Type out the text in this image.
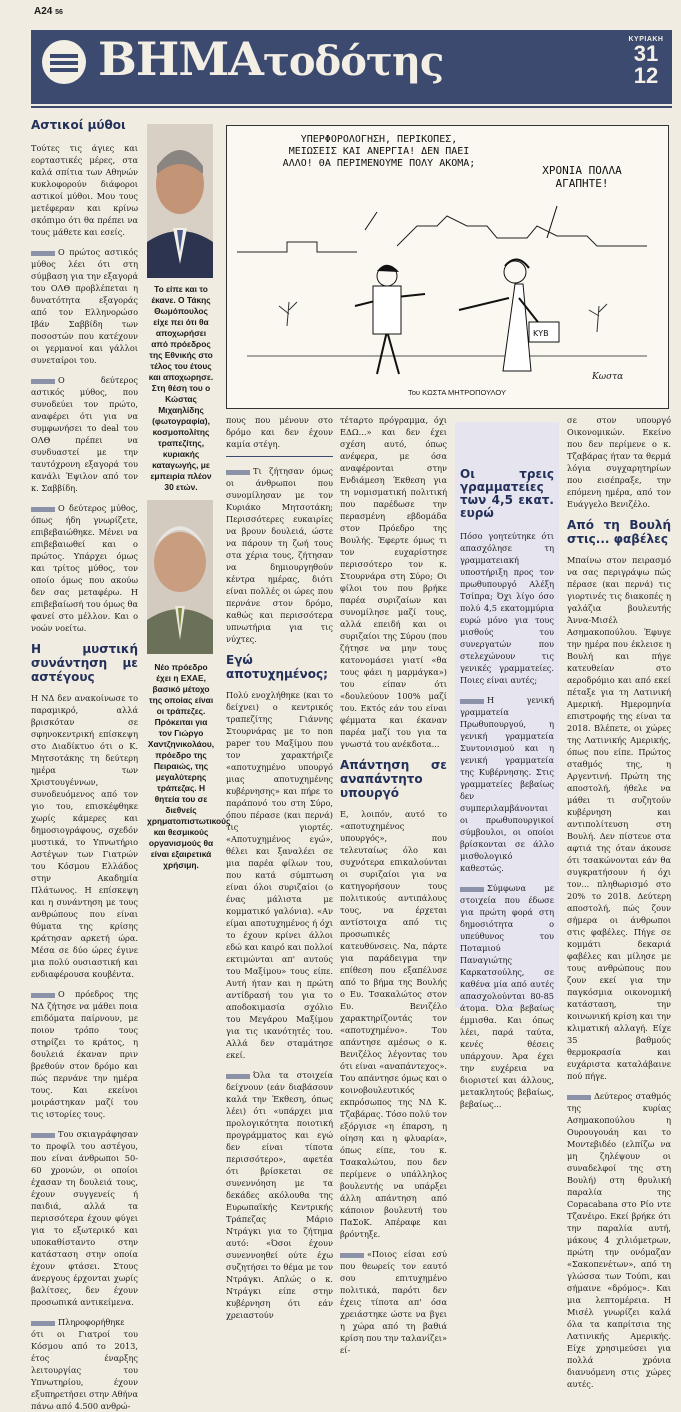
A24 56
ΒΗΜΑτοδότης	ΚΥΡΙΑΚΗ
31
12
Αστικοί μύθοι

Τούτες τις άγιες και εορταστικές μέρες, στα καλά σπίτια των Αθηνών κυκλοφορούν διάφοροι αστικοί μύθοι. Μου τους μετέφεραν και κρίνω σκόπιμο ότι θα πρέπει να τους μάθετε και εσείς.

Ο πρώτος αστικός μύθος λέει ότι στη σύμβαση για την εξαγορά του ΟΛΘ προβλέπεται η δυνατότητα εξαγοράς από τον Ελληνορώσο Ιβάν Σαββίδη των ποσοστών που κατέχουν οι γερμανοί και γάλλοι συνεταίροι του.

Ο δεύτερος αστικός μύθος, που συνοδεύει τον πρώτο, αναφέρει ότι για να συμφωνήσει το deal του ΟΛΘ πρέπει να συνδυαστεί με την ταυτόχρονη εξαγορά του κανάλι Έψιλον από τον κ. Σαββίδη.

Ο δεύτερος μύθος, όπως ήδη γνωρίζετε, επιβεβαιώθηκε. Μένει να επιβεβαιωθεί και ο πρώτος. Υπάρχει όμως και τρίτος μύθος, τον οποίο όμως που ακούω δεν σας μεταφέρω. Η επιβεβαίωσή του όμως θα φανεί στο μέλλον. Και ο νοών νοείτω.

Η μυστική συνάντηση με αστέγους

Η ΝΔ δεν ανακοίνωσε το παραμικρό, αλλά βρισκόταν σε σφηνοκεντρική επίσκεψη στο Διαδίκτυο ότι ο Κ. Μητσοτάκης τη δεύτερη ημέρα των Χριστουγέννων, συνοδευόμενος από τον γιο του, επισκέφθηκε χωρίς κάμερες και δημοσιογράφους, σχεδόν μυστικά, το Υπνωτήριο Αστέγων των Γιατρών του Κόσμου Ελλάδος στην Ακαδημία Πλάτωνος. Η επίσκεψη και η συνάντηση με τους ανθρώπους που είναι θύματα της κρίσης κράτησαν αρκετή ώρα. Μέσα σε δύο ώρες έγινε μια πολύ ουσιαστική και ενδιαφέρουσα κουβέντα.

Ο πρόεδρος της ΝΔ ζήτησε να μάθει ποια επιδόματα παίρνουν, με ποιον τρόπο τους στηρίζει το κράτος, η δουλειά έκαναν πριν βρεθούν στον δρόμο και πώς περνάνε την ημέρα τους. Και εκείνοι μοιράστηκαν μαζί του τις ιστορίες τους.

Του σκιαγράφησαν το προφίλ του αστέγου, που είναι άνθρωποι 50-60 χρονών, οι οποίοι έχασαν τη δουλειά τους, έχουν συγγενείς ή παιδιά, αλλά τα περισσότερα έχουν φύγει για το εξωτερικό και υποκαθίσταντο στην κατάσταση στην οποία έχουν φτάσει. Στους άνεργους έρχονται χωρίς βαλίτσες, δεν έχουν προσωπικά αντικείμενα.

Πληροφορήθηκε ότι οι Γιατροί του Κόσμου από το 2013, έτος έναρξης λειτουργίας του Υπνωτηρίου, έχουν εξυπηρετήσει στην Αθήνα πάνω από 4.500 ανθρώ-

Το είπε και το έκανε. Ο Τάκης Θωμόπουλος είχε πει ότι θα αποχωρήσει από πρόεδρος της Εθνικής στο τέλος του έτους και αποχωρησε. Στη θέση του ο Κώστας Μιχαηλίδης (φωτογραφία), κοσμοπολίτης τραπεζίτης, κυριακής καταγωγής, με εμπειρία πλέον 30 ετών.
Νέο πρόεδρο έχει η ΕΧΑΕ, βασικό μέτοχο της οποίας είναι οι τράπεζες. Πρόκειται για τον Γιώργο Χαντζηνικολάου, πρόεδρο της Πειραιώς, της μεγαλύτερης τράπεζας. Η θητεία του σε διεθνείς χρηματοπιστωτικούς και θεσμικούς οργανισμούς θα είναι εξαιρετικά χρήσιμη.
ΥΠΕΡΦΟΡΟΛΟΓΗΣΗ, ΠΕΡΙΚΟΠΕΣ, ΜΕΙΩΣΕΙΣ ΚΑΙ ΑΝΕΡΓΙΑ! ΔΕΝ ΠΑΕΙ ΑΛΛΟ! ΘΑ ΠΕΡΙΜΕΝΟΥΜΕ ΠΟΛΥ ΑΚΟΜΑ;
ΧΡΟΝΙΑ ΠΟΛΛΑ ΑΓΑΠΗΤΕ!
ΚΥΒ
Του ΚΩΣΤΑ ΜΗΤΡΟΠΟΥΛΟΥ
Κωστα

πους που μένουν στο δρόμο και δεν έχουν καμία στέγη.

Τι ζήτησαν όμως οι άνθρωποι που συνομίλησαν με τον Κυριάκο Μητσοτάκη; Περισσότερες ευκαιρίες να βρουν δουλειά, ώστε να πάρουν τη ζωή τους στα χέρια τους, ζήτησαν να δημιουργηθούν κέντρα ημέρας, διότι είναι πολλές οι ώρες που περνάνε στον δρόμο, καθώς και περισσότερα υπνωτήρια για τις νύχτες.

Εγώ αποτυχημένος;

Πολύ ενοχλήθηκε (και το δείχνει) ο κεντρικός τραπεζίτης Γιάννης Στουρνάρας με το non paper του Μαξίμου που τον χαρακτήριζε «αποτυχημένο υπουργό μιας αποτυχημένης κυβέρνησης» και πήρε το παράπονό του στη Σύρο, όπου πέρασε (και περνά) τις γιορτές. «Αποτυχημένος εγώ», θέλει και ξαναλέει σε μια παρέα φίλων του, που κατά σύμπτωση είναι όλοι συριζαίοι (ο ένας μάλιστα με κομματικό γαλόνια). «Αν είμαι αποτυχημένος ή όχι το έχουν κρίνει άλλοι εδώ και καιρό και πολλοί εκτιμώνται απ' αυτούς του Μαξίμου» τους είπε. Αυτή ήταν και η πρώτη αντίδρασή του για το αποδοκιμασία σχόλιο του Μεγάρου Μαξίμου για τις ικανότητές του. Αλλά δεν σταμάτησε εκεί.

Όλα τα στοιχεία δείχνουν (εάν διαβάσουν καλά την Έκθεση, όπως λέει) ότι «υπάρχει μια προλογικότητα ποιοτική προγράμματος και εγώ δεν είναι τίποτα περισσότερο», αφετέα ότι βρίσκεται σε συνεννόηση με τα δεκάδες ακόλουθα της Ευρωπαϊκής Κεντρικής Τράπεζας Μάριο Ντράγκι για το ζήτημα αυτό: «Όσοι έχουν συνεννοηθεί ούτε έχω συζητήσει το θέμα με τον Ντράγκι. Απλώς ο κ. Ντράγκι είπε στην κυβέρνηση ότι εάν χρειαστούν

τέταρτο πρόγραμμα, όχι ΕΔΩ...» και δεν έχει σχέση αυτό, όπως ανέφερα, με όσα αναφέρονται στην Ενδιάμεση Έκθεση για τη νομισματική πολιτική που παρέδωσε την περασμένη εβδομάδα στον Πρόεδρο της Βουλής. Έφερτε όμως τι τον ευχαρίστησε περισσότερο τον κ. Στουρνάρα στη Σύρο; Οι φίλοι του που βρήκε παρέα συριζαίων και συνομίλησε μαζί τους, αλλά επειδή και οι συριζαίοι της Σύρου (που ζήτησε να μην τους κατονομάσει γιατί «θα τους φάει η μαρμάγκα») του είπαν ότι «δουλεύουν 100% μαζί του. Εκτός εάν του είναι φέμματα και έκαναν παρέα μαζί του για τα γνωστά του ανέκδοτα...

Απάντηση σε αναπάντητο υπουργό

Ε, λοιπόν, αυτό το «αποτυχημένος υπουργός», που τελευταίως όλο και συχνότερα επικαλούνται οι συριζαίοι για να κατηγορήσουν τους πολιτικούς αντιπάλους τους, να έρχεται αντίστοιχα από τις προσωπικές κατευθύνσεις. Να, πάρτε για παράδειγμα την επίθεση που εξαπέλυσε από το βήμα της Βουλής ο Ευ. Τσακαλώτος στον Ευ. Βενιζέλο χαρακτηρίζοντάς τον «αποτυχημένο». Του απάντησε αμέσως ο κ. Βενιζέλος λέγοντας του ότι είναι «αναπάντεχος». Του απάντησε όμως και ο κοινοβουλευτικός εκπρόσωπος της ΝΔ Κ. Τζαβάρας. Τόσο πολύ τον εξόργισε «η έπαρση, η οίηση και η φλυαρία», όπως είπε, του κ. Τσακαλώτου, που δεν περίμενε ο υπάλληλος βουλευτής να υπάρξει άλλη απάντηση από κάποιον βουλευτή του ΠαΣοΚ. Απέραφε και βρόντηξε.

«Ποιος είσαι εσύ που θεωρείς τον εαυτό σου επιτυχημένο πολιτικά, παρότι δεν έχεις τίποτα απ' όσα χρειάστηκε ώστε να βγει η χώρα από τη βαθιά κρίση που την ταλανίζει» εί-

Οι τρεις γραμματείες των 4,5 εκατ. ευρώ

Πόσο γοητεύτηκε ότι απασχόλησε τη γραμματειακή υποστήριξη προς τον πρωθυπουργό Αλέξη Τσίπρα; Όχι λίγο όσο πολύ 4,5 εκατομμύρια ευρώ μόνο για τους μισθούς του συνεργατών που στελεχώνουν τις γενικές γραμματείες. Ποιες είναι αυτές;

Η γενική γραμματεία Πρωθυπουργού, η γενική γραμματεία Συντονισμού και η γενική γραμματεία της Κυβέρνησης. Στις γραμματείες βεβαίως δεν συμπεριλαμβάνονται οι πρωθυπουργικοί σύμβουλοι, οι οποίοι βρίσκονται σε άλλο μισθολογικό καθεστώς.

Σύμφωνα με στοιχεία που έδωσε για πρώτη φορά στη δημοσιότητα ο υπεύθυνος του Ποταμιού Παναγιώτης Καρκατσούλης, σε καθένα μία από αυτές απασχολούνται 80-85 άτομα. Όλα βεβαίως έμμισθα. Και όπως λέει, παρά ταύτα, κενές θέσεις υπάρχουν. Άρα έχει την ευχέρεια να διοριστεί και άλλους, μετακλητούς βεβαίως, βεβαίως...

σε στον υπουργό Οικονομικών. Εκείνο που δεν περίμενε ο κ. Τζαβάρας ήταν τα θερμά λόγια συγχαρητηρίων που εισέπραξε, την επόμενη ημέρα, από τον Ευάγγελο Βενιζέλο.

Από τη Βουλή στις... φαβέλες

Μπαίνω στον πειρασμό να σας περιγράψω πώς πέρασε (και περνά) τις γιορτινές τις διακοπές η γαλάζια βουλευτής Άννα-Μισέλ Ασημακοπούλου. Έφυγε την ημέρα που έκλεισε η Βουλή και πήγε κατευθείαν στο αεροδρόμιο και από εκεί πέταξε για τη Λατινική Αμερική. Ημερομηνία επιστροφής της είναι τα 2018. Βλέπετε, οι χώρες της Λατινικής Αμερικής, όπως που είπε. Πρώτος σταθμός της, η Αργεντινή. Πρώτη της αποστολή, ήθελε να μάθει τι συζητούν κυβέρνηση και αντιπολίτευση στη Βουλή. Δεν πίστευε στα αφτιά της όταν άκουσε ότι τσακώνονται εάν θα συγκρατήσουν ή όχι τον... πληθωρισμό στο 20% το 2018. Δεύτερη αποστολή, πώς ζουν σήμερα οι άνθρωποι στις φαβέλες. Πήγε σε κομμάτι δεκαριά φαβέλες και μίλησε με τους ανθρώπους που ζουν εκεί για την παγκόσμια οικονομική κατάσταση, την κοινωνική κρίση και την κλιματική αλλαγή. Είχε 35 βαθμούς θερμοκρασία και ευχάριστα καταλάβαινε πού πήγε.

Δεύτερος σταθμός της κυρίας Ασημακοπούλου η Ουρουγουάη και το Μοντεβιδέο (ελπίζω να μη ζηλέψουν οι συναδελφοί της στη Βουλή) στη θρυλική παραλία της Copacabana στο Ρίο ντε Τζανέιρο. Εκεί βρήκε ότι την παραλία αυτή, μάκους 4 χιλιόμετρων, πρώτη την ονόμαζαν «Σακοπενέτων», από τη γλώσσα των Τούπι, και σήμαινε «δρόμος». Και μια λεπτομέρεια. Η Μισέλ γνωρίζει καλά όλα τα καπρίτσια της Λατινικής Αμερικής. Είχε χρησιμεύσει για πολλά χρόνια διανυόμενη στις χώρες αυτές.
